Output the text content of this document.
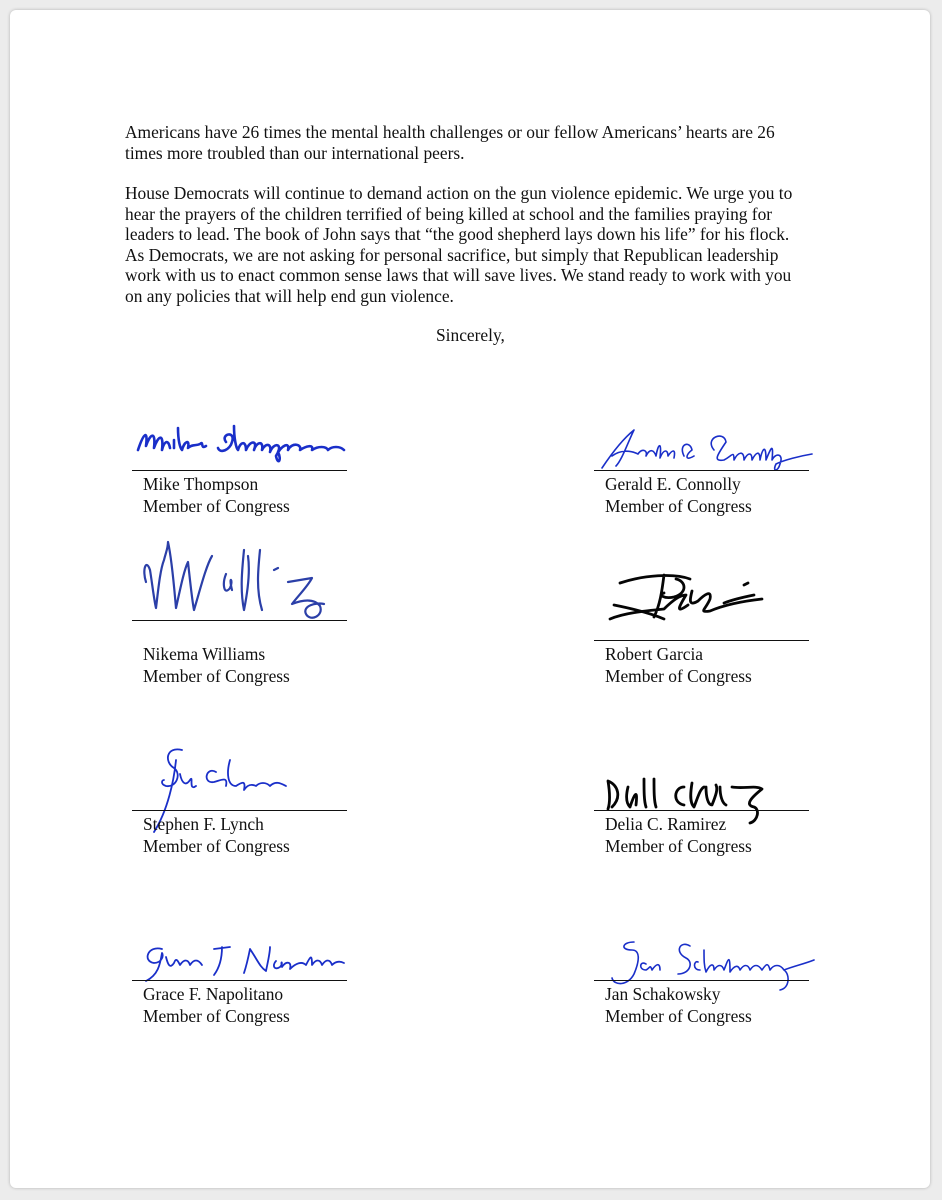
Americans have 26 times the mental health challenges or our fellow Americans’ hearts are 26 times more troubled than our international peers.

House Democrats will continue to demand action on the gun violence epidemic. We urge you to hear the prayers of the children terrified of being killed at school and the families praying for leaders to lead. The book of John says that “the good shepherd lays down his life” for his flock. As Democrats, we are not asking for personal sacrifice, but simply that Republican leadership work with us to enact common sense laws that will save lives. We stand ready to work with you on any policies that will help end gun violence.

Sincerely,
Mike Thompson
Member of Congress
Gerald E. Connolly
Member of Congress
Nikema Williams
Member of Congress
Robert Garcia
Member of Congress
Stephen F. Lynch
Member of Congress
Delia C. Ramirez
Member of Congress
Grace F. Napolitano
Member of Congress
Jan Schakowsky
Member of Congress
